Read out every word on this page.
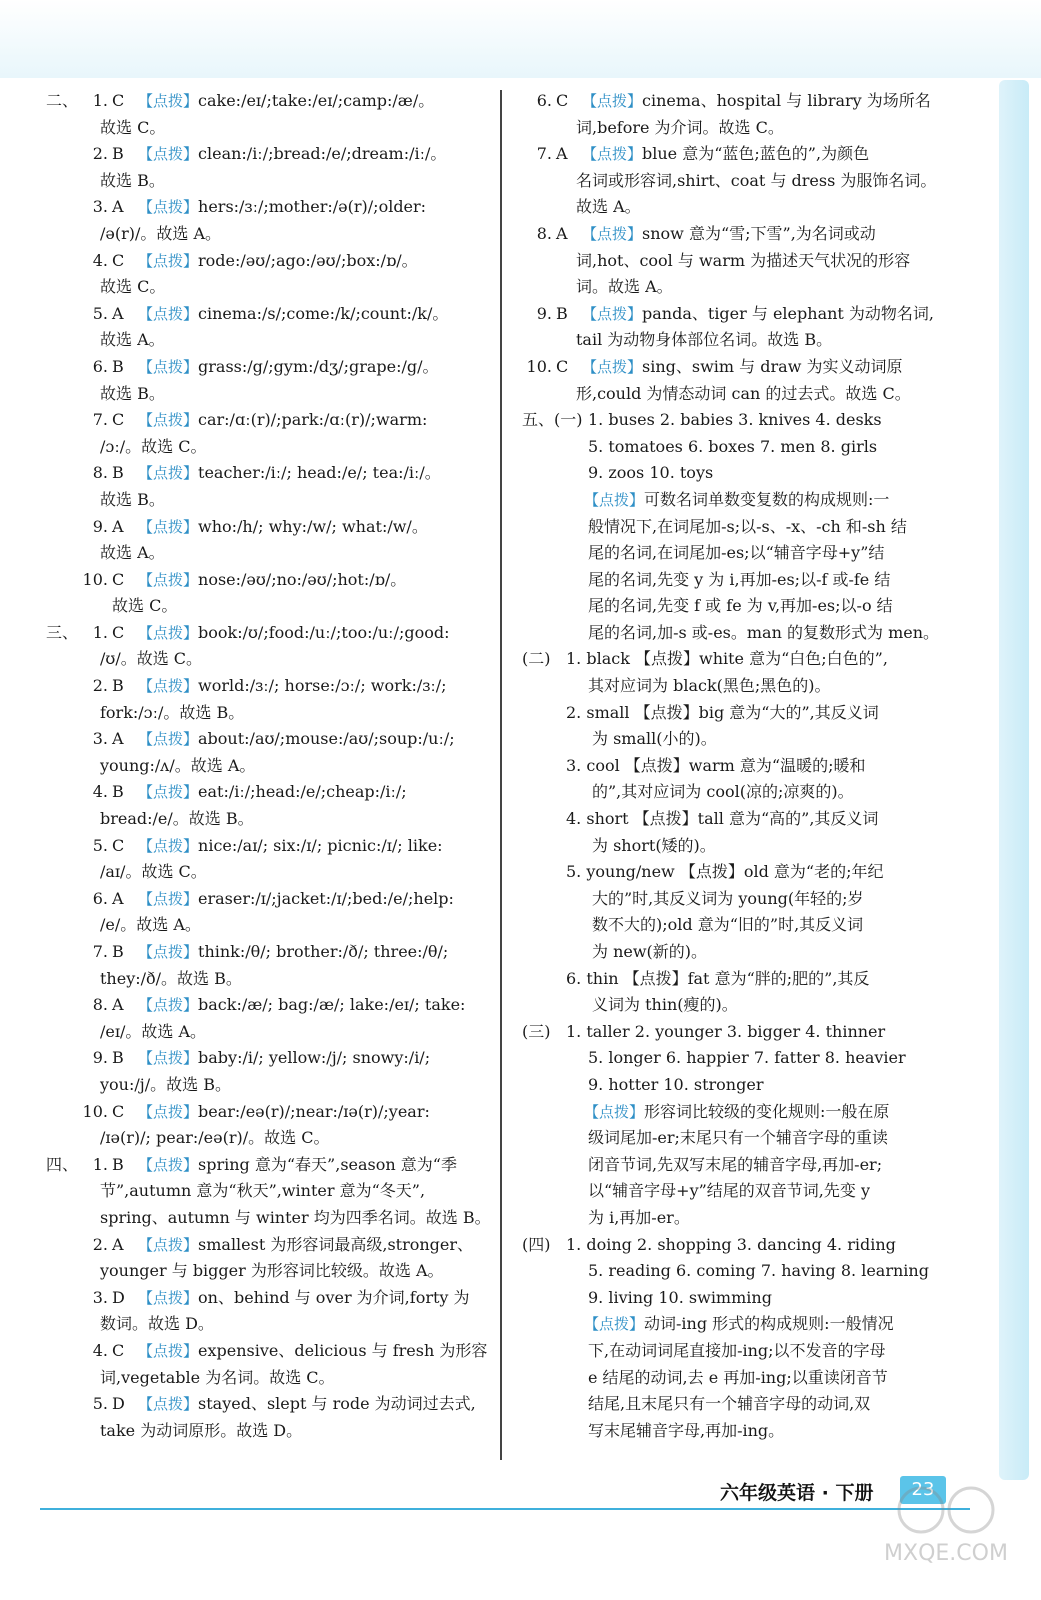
二、 1. C 【点拨】cake:/eɪ/;take:/eɪ/;camp:/æ/。
故选 C。
2. B 【点拨】clean:/iː/;bread:/e/;dream:/iː/。
故选 B。
3. A 【点拨】hers:/ɜː/;mother:/ə(r)/;older:
/ə(r)/。故选 A。
4. C 【点拨】rode:/əʊ/;ago:/əʊ/;box:/ɒ/。
故选 C。
5. A 【点拨】cinema:/s/;come:/k/;count:/k/。
故选 A。
6. B 【点拨】grass:/g/;gym:/dʒ/;grape:/g/。
故选 B。
7. C 【点拨】car:/ɑː(r)/;park:/ɑː(r)/;warm:
/ɔː/。故选 C。
8. B 【点拨】teacher:/iː/; head:/e/; tea:/iː/。
故选 B。
9. A 【点拨】who:/h/; why:/w/; what:/w/。
故选 A。
10. C 【点拨】nose:/əʊ/;no:/əʊ/;hot:/ɒ/。
故选 C。
三、 1. C 【点拨】book:/ʊ/;food:/uː/;too:/uː/;good:
/ʊ/。故选 C。
2. B 【点拨】world:/ɜː/; horse:/ɔː/; work:/ɜː/;
fork:/ɔː/。故选 B。
3. A 【点拨】about:/aʊ/;mouse:/aʊ/;soup:/uː/;
young:/ʌ/。故选 A。
4. B 【点拨】eat:/iː/;head:/e/;cheap:/iː/;
bread:/e/。故选 B。
5. C 【点拨】nice:/aɪ/; six:/ɪ/; picnic:/ɪ/; like:
/aɪ/。故选 C。
6. A 【点拨】eraser:/ɪ/;jacket:/ɪ/;bed:/e/;help:
/e/。故选 A。
7. B 【点拨】think:/θ/; brother:/ð/; three:/θ/;
they:/ð/。故选 B。
8. A 【点拨】back:/æ/; bag:/æ/; lake:/eɪ/; take:
/eɪ/。故选 A。
9. B 【点拨】baby:/i/; yellow:/j/; snowy:/i/;
you:/j/。故选 B。
10. C 【点拨】bear:/eə(r)/;near:/ɪə(r)/;year:
/ɪə(r)/; pear:/eə(r)/。故选 C。
四、 1. B 【点拨】spring 意为“春天”,season 意为“季
节”,autumn 意为“秋天”,winter 意为“冬天”,
spring、autumn 与 winter 均为四季名词。故选 B。
2. A 【点拨】smallest 为形容词最高级,stronger、
younger 与 bigger 为形容词比较级。故选 A。
3. D 【点拨】on、behind 与 over 为介词,forty 为
数词。故选 D。
4. C 【点拨】expensive、delicious 与 fresh 为形容
词,vegetable 为名词。故选 C。
5. D 【点拨】stayed、slept 与 rode 为动词过去式,
take 为动词原形。故选 D。
6. C 【点拨】cinema、hospital 与 library 为场所名
词,before 为介词。故选 C。
7. A 【点拨】blue 意为“蓝色;蓝色的”,为颜色
名词或形容词,shirt、coat 与 dress 为服饰名词。
故选 A。
8. A 【点拨】snow 意为“雪;下雪”,为名词或动
词,hot、cool 与 warm 为描述天气状况的形容
词。故选 A。
9. B 【点拨】panda、tiger 与 elephant 为动物名词,
tail 为动物身体部位名词。故选 B。
10. C 【点拨】sing、swim 与 draw 为实义动词原
形,could 为情态动词 can 的过去式。故选 C。
五、(一) 1. buses 2. babies 3. knives 4. desks
5. tomatoes 6. boxes 7. men 8. girls
9. zoos 10. toys
【点拨】可数名词单数变复数的构成规则:一
般情况下,在词尾加-s;以-s、-x、-ch 和-sh 结
尾的名词,在词尾加-es;以“辅音字母+y”结
尾的名词,先变 y 为 i,再加-es;以-f 或-fe 结
尾的名词,先变 f 或 fe 为 v,再加-es;以-o 结
尾的名词,加-s 或-es。man 的复数形式为 men。
(二) 1. black 【点拨】white 意为“白色;白色的”,
其对应词为 black(黑色;黑色的)。
2. small 【点拨】big 意为“大的”,其反义词
为 small(小的)。
3. cool 【点拨】warm 意为“温暖的;暖和
的”,其对应词为 cool(凉的;凉爽的)。
4. short 【点拨】tall 意为“高的”,其反义词
为 short(矮的)。
5. young/new 【点拨】old 意为“老的;年纪
大的”时,其反义词为 young(年轻的;岁
数不大的);old 意为“旧的”时,其反义词
为 new(新的)。
6. thin 【点拨】fat 意为“胖的;肥的”,其反
义词为 thin(瘦的)。
(三) 1. taller 2. younger 3. bigger 4. thinner
5. longer 6. happier 7. fatter 8. heavier
9. hotter 10. stronger
【点拨】形容词比较级的变化规则:一般在原
级词尾加-er;末尾只有一个辅音字母的重读
闭音节词,先双写末尾的辅音字母,再加-er;
以“辅音字母+y”结尾的双音节词,先变 y
为 i,再加-er。
(四) 1. doing 2. shopping 3. dancing 4. riding
5. reading 6. coming 7. having 8. learning
9. living 10. swimming
【点拨】动词-ing 形式的构成规则:一般情况
下,在动词词尾直接加-ing;以不发音的字母
e 结尾的动词,去 e 再加-ing;以重读闭音节
结尾,且末尾只有一个辅音字母的动词,双
写末尾辅音字母,再加-ing。
六年级英语 · 下册	23
MXQE.COM
